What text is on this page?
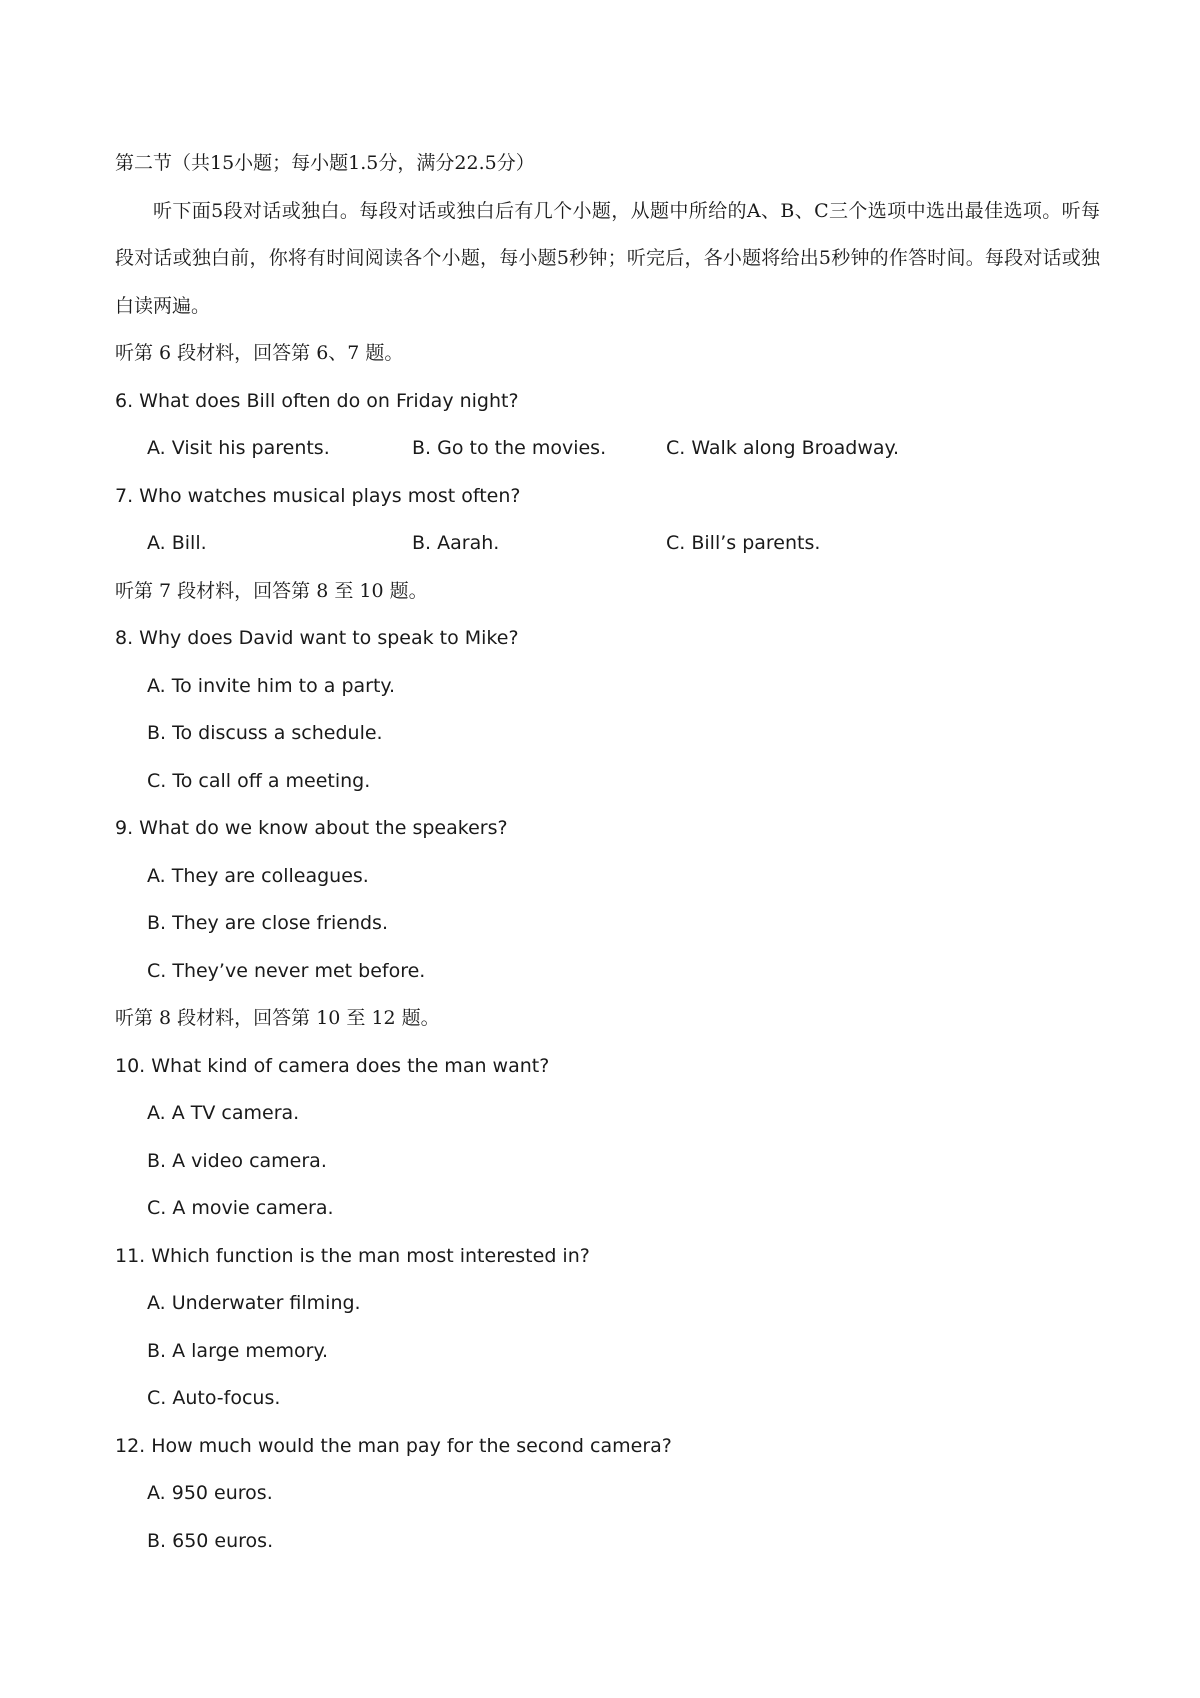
第二节（共15小题；每小题1.5分，满分22.5分）

听下面5段对话或独白。每段对话或独白后有几个小题，从题中所给的A、B、C三个选项中选出最佳选项。听每段对话或独白前，你将有时间阅读各个小题，每小题5秒钟；听完后，各小题将给出5秒钟的作答时间。每段对话或独白读两遍。

听第 6 段材料，回答第 6、7 题。
6. What does Bill often do on Friday night?
A. Visit his parents.	B. Go to the movies.	C. Walk along Broadway.
7. Who watches musical plays most often?
A. Bill.	B. Aarah.	C. Bill’s parents.
听第 7 段材料，回答第 8 至 10 题。
8. Why does David want to speak to Mike?
A. To invite him to a party.
B. To discuss a schedule.
C. To call off a meeting.
9. What do we know about the speakers?
A. They are colleagues.
B. They are close friends.
C. They’ve never met before.
听第 8 段材料，回答第 10 至 12 题。
10. What kind of camera does the man want?
A. A TV camera.
B. A video camera.
C. A movie camera.
11. Which function is the man most interested in?
A. Underwater filming.
B. A large memory.
C. Auto-focus.
12. How much would the man pay for the second camera?
A. 950 euros.
B. 650 euros.
